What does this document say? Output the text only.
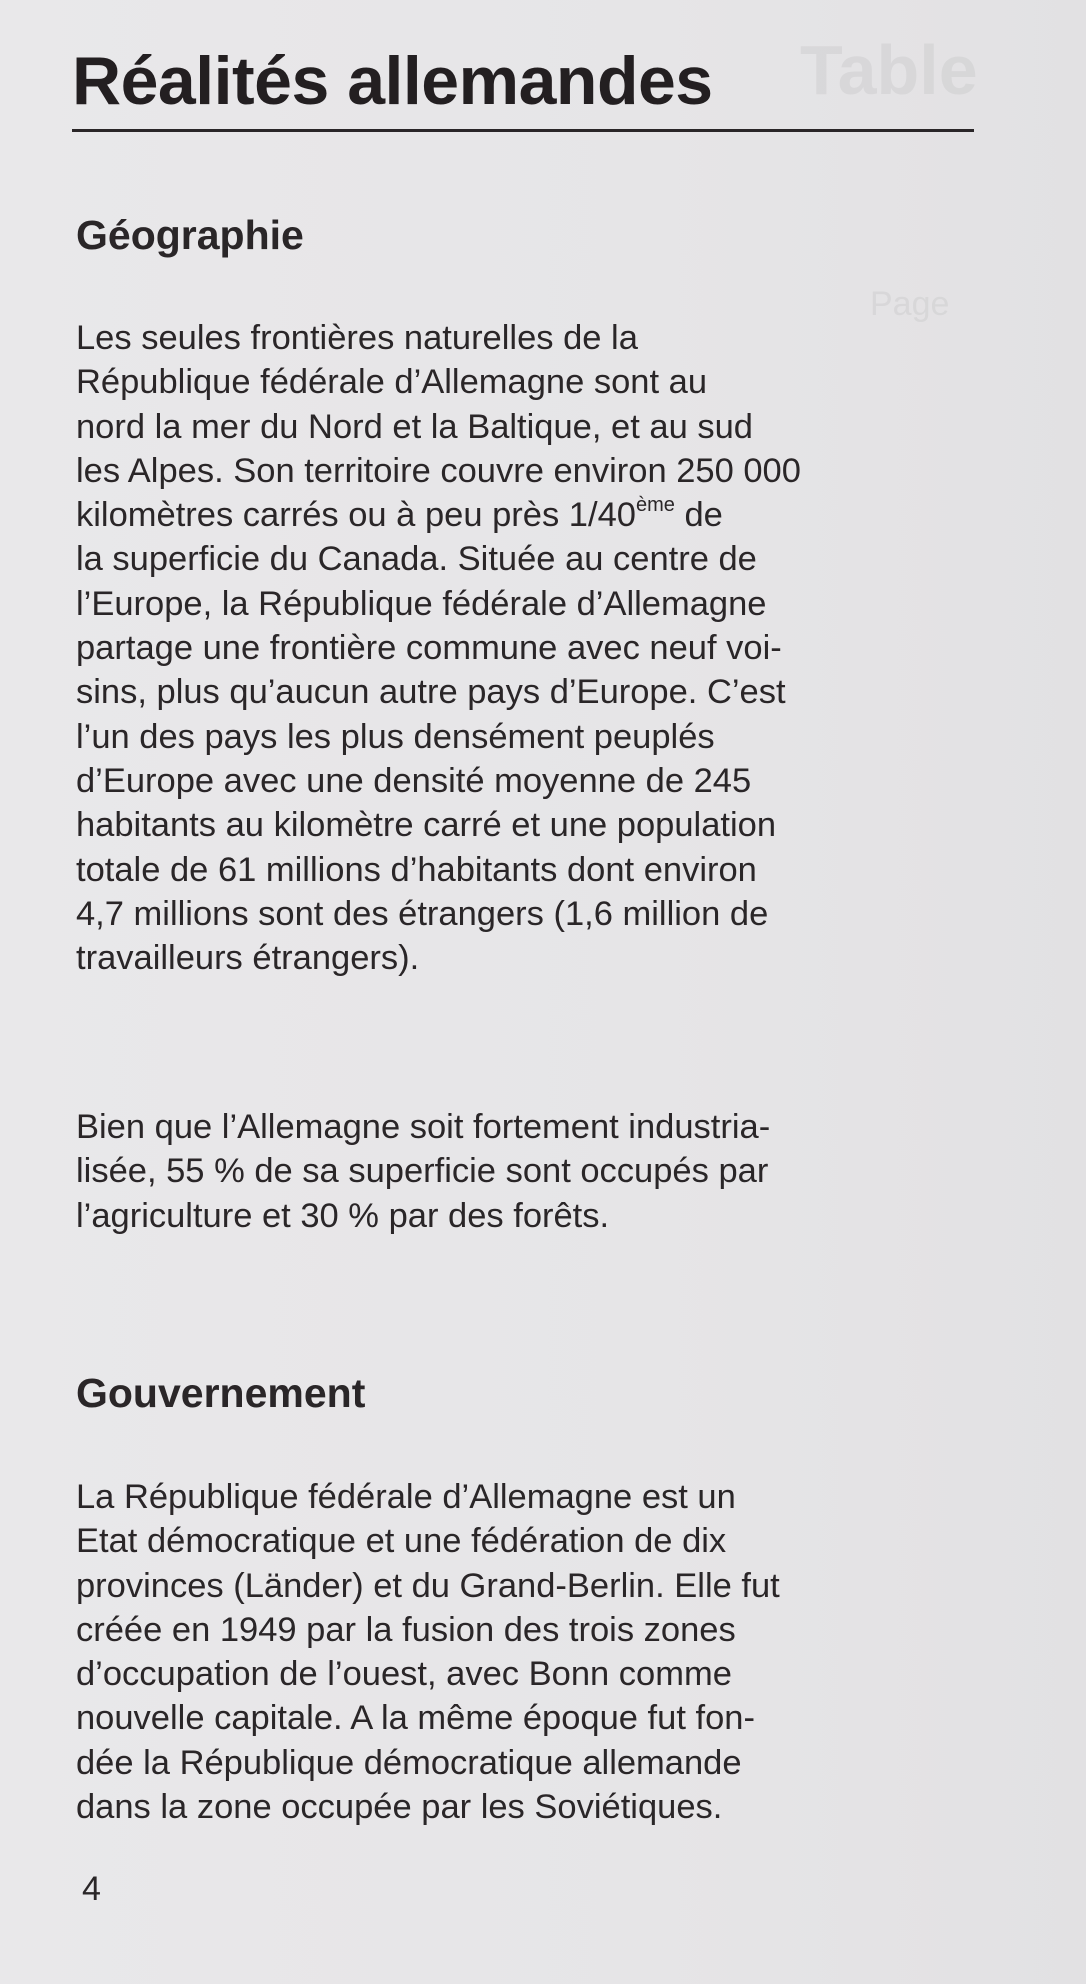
Table
Page
Réalités allemandes
Géographie
Les seules frontières naturelles de la
République fédérale d’Allemagne sont au
nord la mer du Nord et la Baltique, et au sud
les Alpes. Son territoire couvre environ 250 000
kilomètres carrés ou à peu près 1/40ème de
la superficie du Canada. Située au centre de
l’Europe, la République fédérale d’Allemagne
partage une frontière commune avec neuf voi-
sins, plus qu’aucun autre pays d’Europe. C’est
l’un des pays les plus densément peuplés
d’Europe avec une densité moyenne de 245
habitants au kilomètre carré et une population
totale de 61 millions d’habitants dont environ
4,7 millions sont des étrangers (1,6 million de
travailleurs étrangers).
Bien que l’Allemagne soit fortement industria-
lisée, 55 % de sa superficie sont occupés par
l’agriculture et 30 % par des forêts.
Gouvernement
La République fédérale d’Allemagne est un
Etat démocratique et une fédération de dix
provinces (Länder) et du Grand-Berlin. Elle fut
créée en 1949 par la fusion des trois zones
d’occupation de l’ouest, avec Bonn comme
nouvelle capitale. A la même époque fut fon-
dée la République démocratique allemande
dans la zone occupée par les Soviétiques.
4
